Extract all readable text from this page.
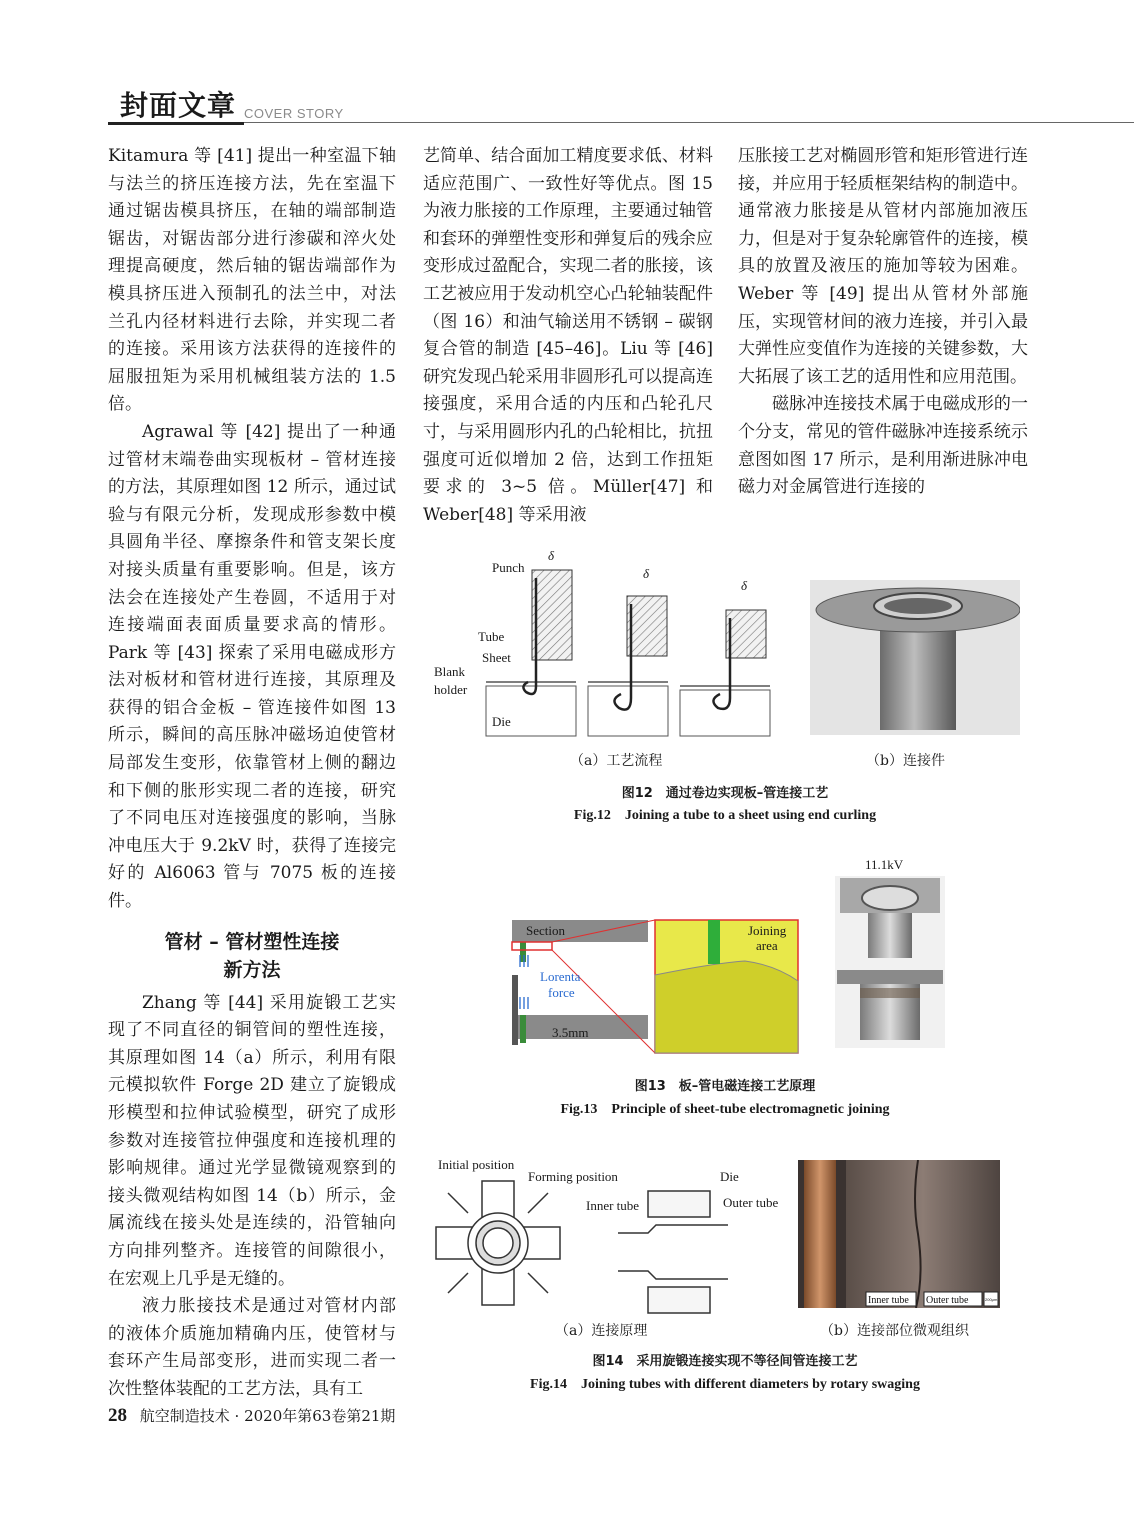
封面文章 COVER STORY

Kitamura 等 [41] 提出一种室温下轴与法兰的挤压连接方法，先在室温下通过锯齿模具挤压，在轴的端部制造锯齿，对锯齿部分进行渗碳和淬火处理提高硬度，然后轴的锯齿端部作为模具挤压进入预制孔的法兰中，对法兰孔内径材料进行去除，并实现二者的连接。采用该方法获得的连接件的屈服扭矩为采用机械组装方法的 1.5 倍。

Agrawal 等 [42] 提出了一种通过管材末端卷曲实现板材 – 管材连接的方法，其原理如图 12 所示，通过试验与有限元分析，发现成形参数中模具圆角半径、摩擦条件和管支架长度对接头质量有重要影响。但是，该方法会在连接处产生卷圆，不适用于对连接端面表面质量要求高的情形。Park 等 [43] 探索了采用电磁成形方法对板材和管材进行连接，其原理及获得的铝合金板 – 管连接件如图 13 所示，瞬间的高压脉冲磁场迫使管材局部发生变形，依靠管材上侧的翻边和下侧的胀形实现二者的连接，研究了不同电压对连接强度的影响，当脉冲电压大于 9.2kV 时，获得了连接完好的 Al6063 管与 7075 板的连接件。

管材 – 管材塑性连接
新方法

Zhang 等 [44] 采用旋锻工艺实现了不同直径的铜管间的塑性连接，其原理如图 14（a）所示，利用有限元模拟软件 Forge 2D 建立了旋锻成形模型和拉伸试验模型，研究了成形参数对连接管拉伸强度和连接机理的影响规律。通过光学显微镜观察到的接头微观结构如图 14（b）所示，金属流线在接头处是连续的，沿管轴向方向排列整齐。连接管的间隙很小，在宏观上几乎是无缝的。

液力胀接技术是通过对管材内部的液体介质施加精确内压，使管材与套环产生局部变形，进而实现二者一次性整体装配的工艺方法，具有工

艺简单、结合面加工精度要求低、材料适应范围广、一致性好等优点。图 15 为液力胀接的工作原理，主要通过轴管和套环的弹塑性变形和弹复后的残余应变形成过盈配合，实现二者的胀接，该工艺被应用于发动机空心凸轮轴装配件（图 16）和油气输送用不锈钢 – 碳钢复合管的制造 [45–46]。Liu 等 [46] 研究发现凸轮采用非圆形孔可以提高连接强度，采用合适的内压和凸轮孔尺寸，与采用圆形内孔的凸轮相比，抗扭强度可近似增加 2 倍，达到工作扭矩要求的 3~5 倍。Müller[47] 和 Weber[48] 等采用液

压胀接工艺对椭圆形管和矩形管进行连接，并应用于轻质框架结构的制造中。通常液力胀接是从管材内部施加液压力，但是对于复杂轮廓管件的连接，模具的放置及液压的施加等较为困难。Weber 等 [49] 提出从管材外部施压，实现管材间的液力连接，并引入最大弹性应变值作为连接的关键参数，大大拓展了该工艺的适用性和应用范围。

磁脉冲连接技术属于电磁成形的一个分支，常见的管件磁脉冲连接系统示意图如图 17 所示，是利用渐进脉冲电磁力对金属管进行连接的

Punch
Tube
Sheet
Blank
holder
Die
δ
δ
δ
（a）工艺流程	（b）连接件
图12　通过卷边实现板–管连接工艺
Fig.12　Joining a tube to a sheet using end curling
Section
Lorenta
force
3.5mm
Joining
area
11.1kV
图13　板–管电磁连接工艺原理
Fig.13　Principle of sheet-tube electromagnetic joining
Initial position
Forming position	Die
Inner tube	Outer tube
（a）连接原理
Inner tube Outer tube	200μm
（b）连接部位微观组织
图14　采用旋锻连接实现不等径间管连接工艺
Fig.14　Joining tubes with different diameters by rotary swaging
28 航空制造技术 · 2020年第63卷第21期
